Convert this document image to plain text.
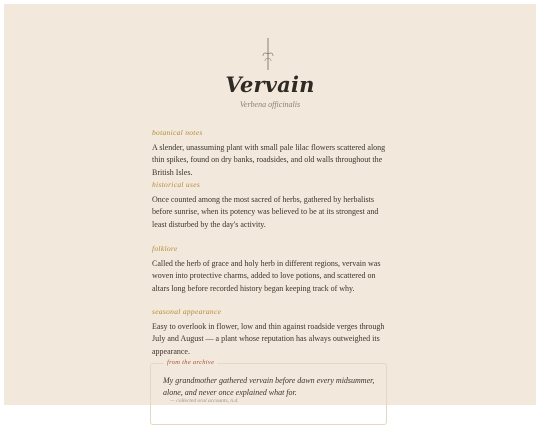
Vervain
Verbena officinalis
botanical notes
A slender, unassuming plant with small pale lilac flowers scattered along thin spikes, found on dry banks, roadsides, and old walls throughout the British Isles.
historical uses
Once counted among the most sacred of herbs, gathered by herbalists before sunrise, when its potency was believed to be at its strongest and least disturbed by the day's activity.
folklore
Called the herb of grace and holy herb in different regions, vervain was woven into protective charms, added to love potions, and scattered on altars long before recorded history began keeping track of why.
seasonal appearance
Easy to overlook in flower, low and thin against roadside verges through July and August — a plant whose reputation has always outweighed its appearance.
from the archive
My grandmother gathered vervain before dawn every midsummer, alone, and never once explained what for.
— collected oral accounts, n.d.
